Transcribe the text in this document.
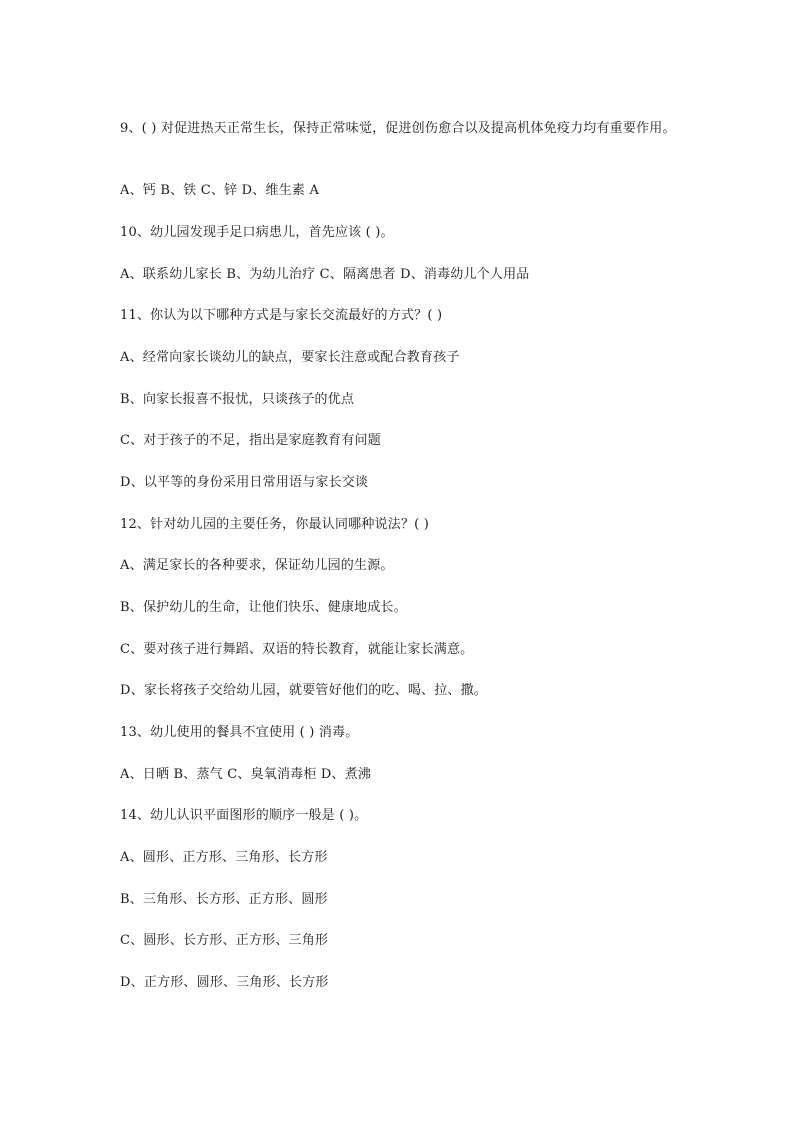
9、( ) 对促进热天正常生长，保持正常味觉，促进创伤愈合以及提高机体免疫力均有重要作用。
A、钙 B、铁 C、锌 D、维生素 A
10、幼儿园发现手足口病患儿，首先应该 ( )。
A、联系幼儿家长 B、为幼儿治疗 C、隔离患者 D、消毒幼儿个人用品
11、你认为以下哪种方式是与家长交流最好的方式？( )
A、经常向家长谈幼儿的缺点，要家长注意或配合教育孩子
B、向家长报喜不报忧，只谈孩子的优点
C、对于孩子的不足，指出是家庭教育有问题
D、以平等的身份采用日常用语与家长交谈
12、针对幼儿园的主要任务，你最认同哪种说法？( )
A、满足家长的各种要求，保证幼儿园的生源。
B、保护幼儿的生命，让他们快乐、健康地成长。
C、要对孩子进行舞蹈、双语的特长教育，就能让家长满意。
D、家长将孩子交给幼儿园，就要管好他们的吃、喝、拉、撒。
13、幼儿使用的餐具不宜使用 ( ) 消毒。
A、日晒 B、蒸气 C、臭氧消毒柜 D、煮沸
14、幼儿认识平面图形的顺序一般是 ( )。
A、圆形、正方形、三角形、长方形
B、三角形、长方形、正方形、圆形
C、圆形、长方形、正方形、三角形
D、正方形、圆形、三角形、长方形
